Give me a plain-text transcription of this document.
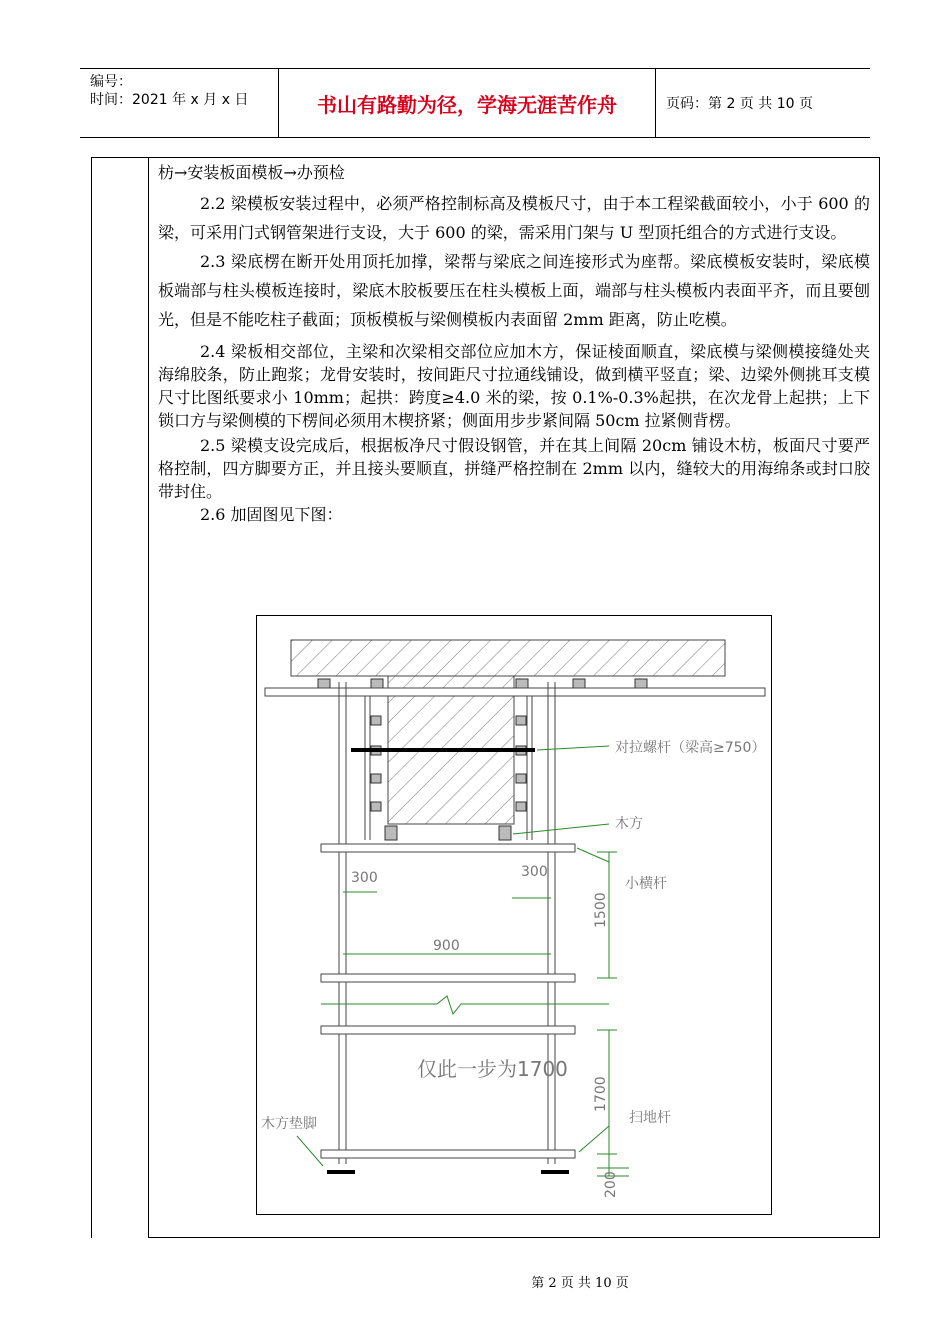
编号：
时间：2021 年 x 月 x 日	书山有路勤为径，学海无涯苦作舟	页码：第 2 页 共 10 页

枋→安装板面模板→办预检

2.2 梁模板安装过程中，必须严格控制标高及模板尺寸，由于本工程梁截面较小，小于 600 的梁，可采用门式钢管架进行支设，大于 600 的梁，需采用门架与 U 型顶托组合的方式进行支设。

2.3 梁底楞在断开处用顶托加撑，梁帮与梁底之间连接形式为座帮。梁底模板安装时，梁底模板端部与柱头模板连接时，梁底木胶板要压在柱头模板上面，端部与柱头模板内表面平齐，而且要刨光，但是不能吃柱子截面；顶板模板与梁侧模板内表面留 2mm 距离，防止吃模。

2.4 梁板相交部位，主梁和次梁相交部位应加木方，保证棱面顺直，梁底模与梁侧模接缝处夹海绵胶条，防止跑浆；龙骨安装时，按间距尺寸拉通线铺设，做到横平竖直；梁、边梁外侧挑耳支模尺寸比图纸要求小 10mm；起拱：跨度≥4.0 米的梁，按 0.1%-0.3%起拱，在次龙骨上起拱；上下锁口方与梁侧模的下楞间必须用木楔挤紧；侧面用步步紧间隔 50cm 拉紧侧背楞。

2.5 梁模支设完成后，根据板净尺寸假设钢管，并在其上间隔 20cm 铺设木枋，板面尺寸要严格控制，四方脚要方正，并且接头要顺直，拼缝严格控制在 2mm 以内，缝较大的用海绵条或封口胶带封住。

2.6 加固图见下图：

对拉螺杆（梁高≥750）
木方
小横杆
300	300
900
仅此一步为1700
扫地杆
木方垫脚
1500
1700
200
第 2 页 共 10 页
